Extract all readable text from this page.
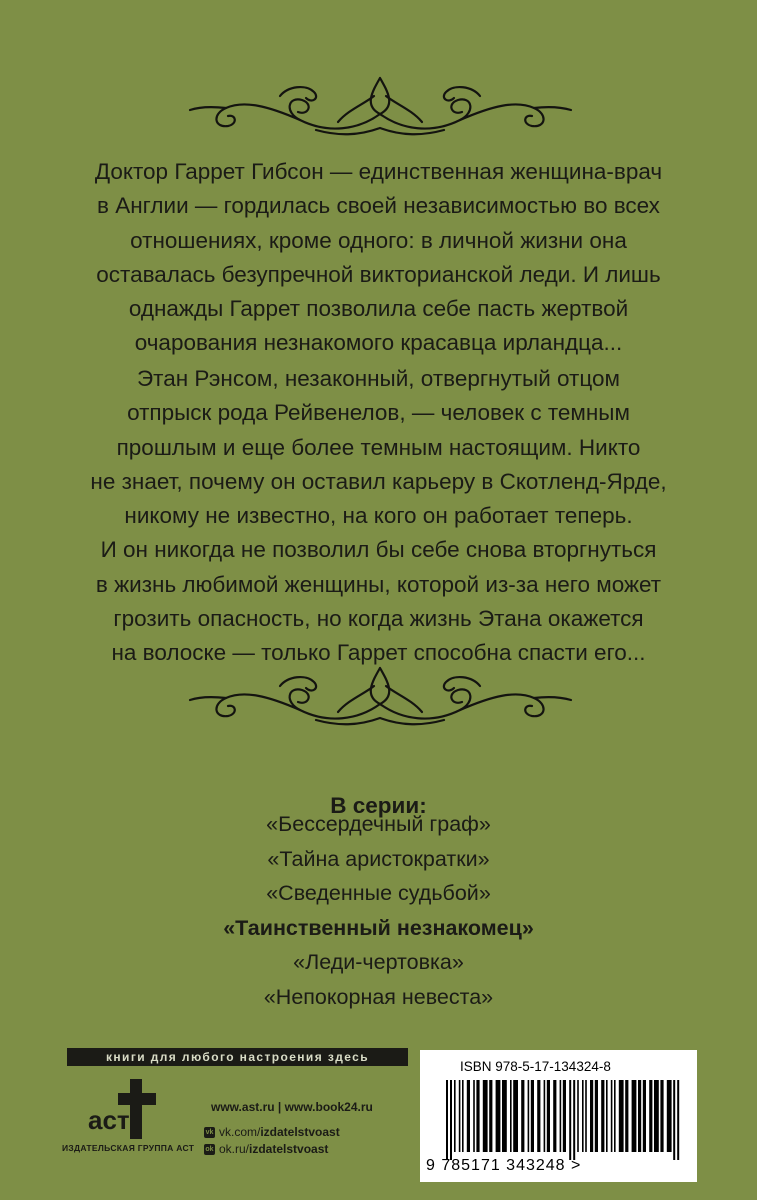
Доктор Гаррет Гибсон — единственная женщина-врач
в Англии — гордилась своей независимостью во всех
отношениях, кроме одного: в личной жизни она
оставалась безупречной викторианской леди. И лишь
однажды Гаррет позволила себе пасть жертвой
очарования незнакомого красавца ирландца...
Этан Рэнсом, незаконный, отвергнутый отцом
отпрыск рода Рейвенелов, — человек с темным
прошлым и еще более темным настоящим. Никто
не знает, почему он оставил карьеру в Скотленд-Ярде,
никому не известно, на кого он работает теперь.
И он никогда не позволил бы себе снова вторгнуться
в жизнь любимой женщины, которой из-за него может
грозить опасность, но когда жизнь Этана окажется
на волоске — только Гаррет способна спасти его...
В серии:
«Бессердечный граф»
«Тайна аристократки»
«Сведенные судьбой»
«Таинственный незнакомец»
«Леди-чертовка»
«Непокорная невеста»
книги для любого настроения здесь
аст
ИЗДАТЕЛЬСКАЯ ГРУППА АСТ
www.ast.ru | www.book24.ru
vk vk.com/ izdatelstvoast
ok ok.ru/ izdatelstvoast
ISBN 978-5-17-134324-8
9 785171 343248 >
